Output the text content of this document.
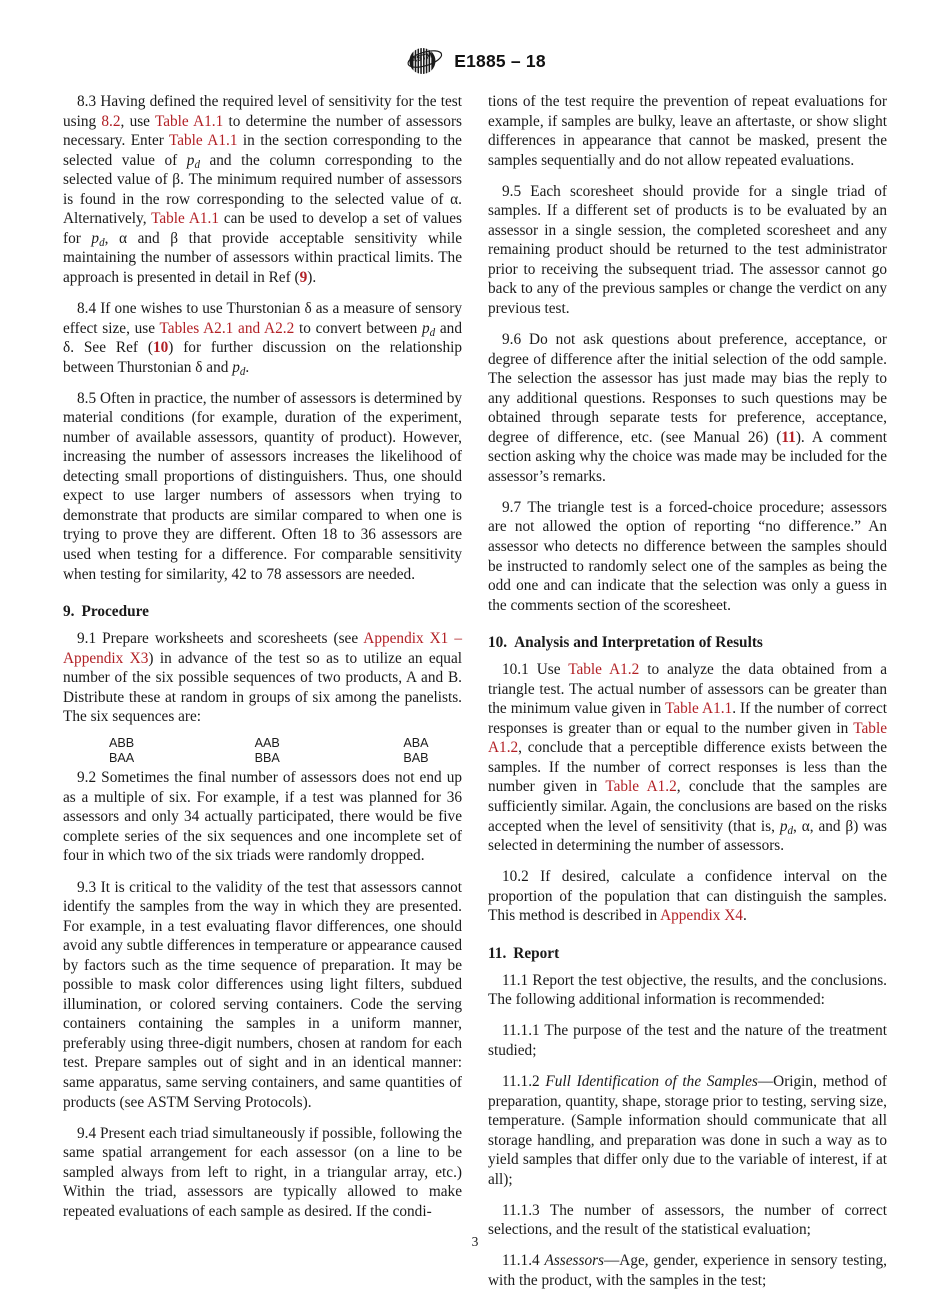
ASTM E1885 – 18

8.3 Having defined the required level of sensitivity for the test using 8.2, use Table A1.1 to determine the number of assessors necessary. Enter Table A1.1 in the section corresponding to the selected value of $p_d$ and the column corresponding to the selected value of β. The minimum required number of assessors is found in the row corresponding to the selected value of α. Alternatively, Table A1.1 can be used to develop a set of values for $p_d$, α and β that provide acceptable sensitivity while maintaining the number of assessors within practical limits. The approach is presented in detail in Ref (9).

8.4 If one wishes to use Thurstonian δ as a measure of sensory effect size, use Tables A2.1 and A2.2 to convert between $p_d$ and δ. See Ref (10) for further discussion on the relationship between Thurstonian δ and $p_d$.

8.5 Often in practice, the number of assessors is determined by material conditions (for example, duration of the experiment, number of available assessors, quantity of product). However, increasing the number of assessors increases the likelihood of detecting small proportions of distinguishers. Thus, one should expect to use larger numbers of assessors when trying to demonstrate that products are similar compared to when one is trying to prove they are different. Often 18 to 36 assessors are used when testing for a difference. For comparable sensitivity when testing for similarity, 42 to 78 assessors are needed.

9. Procedure

9.1 Prepare worksheets and scoresheets (see Appendix X1 – Appendix X3) in advance of the test so as to utilize an equal number of the six possible sequences of two products, A and B. Distribute these at random in groups of six among the panelists. The six sequences are:

ABB	AAB	ABA
BAA	BBA	BAB

9.2 Sometimes the final number of assessors does not end up as a multiple of six. For example, if a test was planned for 36 assessors and only 34 actually participated, there would be five complete series of the six sequences and one incomplete set of four in which two of the six triads were randomly dropped.

9.3 It is critical to the validity of the test that assessors cannot identify the samples from the way in which they are presented. For example, in a test evaluating flavor differences, one should avoid any subtle differences in temperature or appearance caused by factors such as the time sequence of preparation. It may be possible to mask color differences using light filters, subdued illumination, or colored serving containers. Code the serving containers containing the samples in a uniform manner, preferably using three-digit numbers, chosen at random for each test. Prepare samples out of sight and in an identical manner: same apparatus, same serving containers, and same quantities of products (see ASTM Serving Protocols).

9.4 Present each triad simultaneously if possible, following the same spatial arrangement for each assessor (on a line to be sampled always from left to right, in a triangular array, etc.) Within the triad, assessors are typically allowed to make repeated evaluations of each sample as desired. If the condi-

tions of the test require the prevention of repeat evaluations for example, if samples are bulky, leave an aftertaste, or show slight differences in appearance that cannot be masked, present the samples sequentially and do not allow repeated evaluations.

9.5 Each scoresheet should provide for a single triad of samples. If a different set of products is to be evaluated by an assessor in a single session, the completed scoresheet and any remaining product should be returned to the test administrator prior to receiving the subsequent triad. The assessor cannot go back to any of the previous samples or change the verdict on any previous test.

9.6 Do not ask questions about preference, acceptance, or degree of difference after the initial selection of the odd sample. The selection the assessor has just made may bias the reply to any additional questions. Responses to such questions may be obtained through separate tests for preference, acceptance, degree of difference, etc. (see Manual 26) (11). A comment section asking why the choice was made may be included for the assessor’s remarks.

9.7 The triangle test is a forced-choice procedure; assessors are not allowed the option of reporting “no difference.” An assessor who detects no difference between the samples should be instructed to randomly select one of the samples as being the odd one and can indicate that the selection was only a guess in the comments section of the scoresheet.

10. Analysis and Interpretation of Results

10.1 Use Table A1.2 to analyze the data obtained from a triangle test. The actual number of assessors can be greater than the minimum value given in Table A1.1. If the number of correct responses is greater than or equal to the number given in Table A1.2, conclude that a perceptible difference exists between the samples. If the number of correct responses is less than the number given in Table A1.2, conclude that the samples are sufficiently similar. Again, the conclusions are based on the risks accepted when the level of sensitivity (that is, $p_d$, α, and β) was selected in determining the number of assessors.

10.2 If desired, calculate a confidence interval on the proportion of the population that can distinguish the samples. This method is described in Appendix X4.

11. Report

11.1 Report the test objective, the results, and the conclusions. The following additional information is recommended:

11.1.1 The purpose of the test and the nature of the treatment studied;

11.1.2 Full Identification of the Samples—Origin, method of preparation, quantity, shape, storage prior to testing, serving size, temperature. (Sample information should communicate that all storage handling, and preparation was done in such a way as to yield samples that differ only due to the variable of interest, if at all);

11.1.3 The number of assessors, the number of correct selections, and the result of the statistical evaluation;

11.1.4 Assessors—Age, gender, experience in sensory testing, with the product, with the samples in the test;

3
